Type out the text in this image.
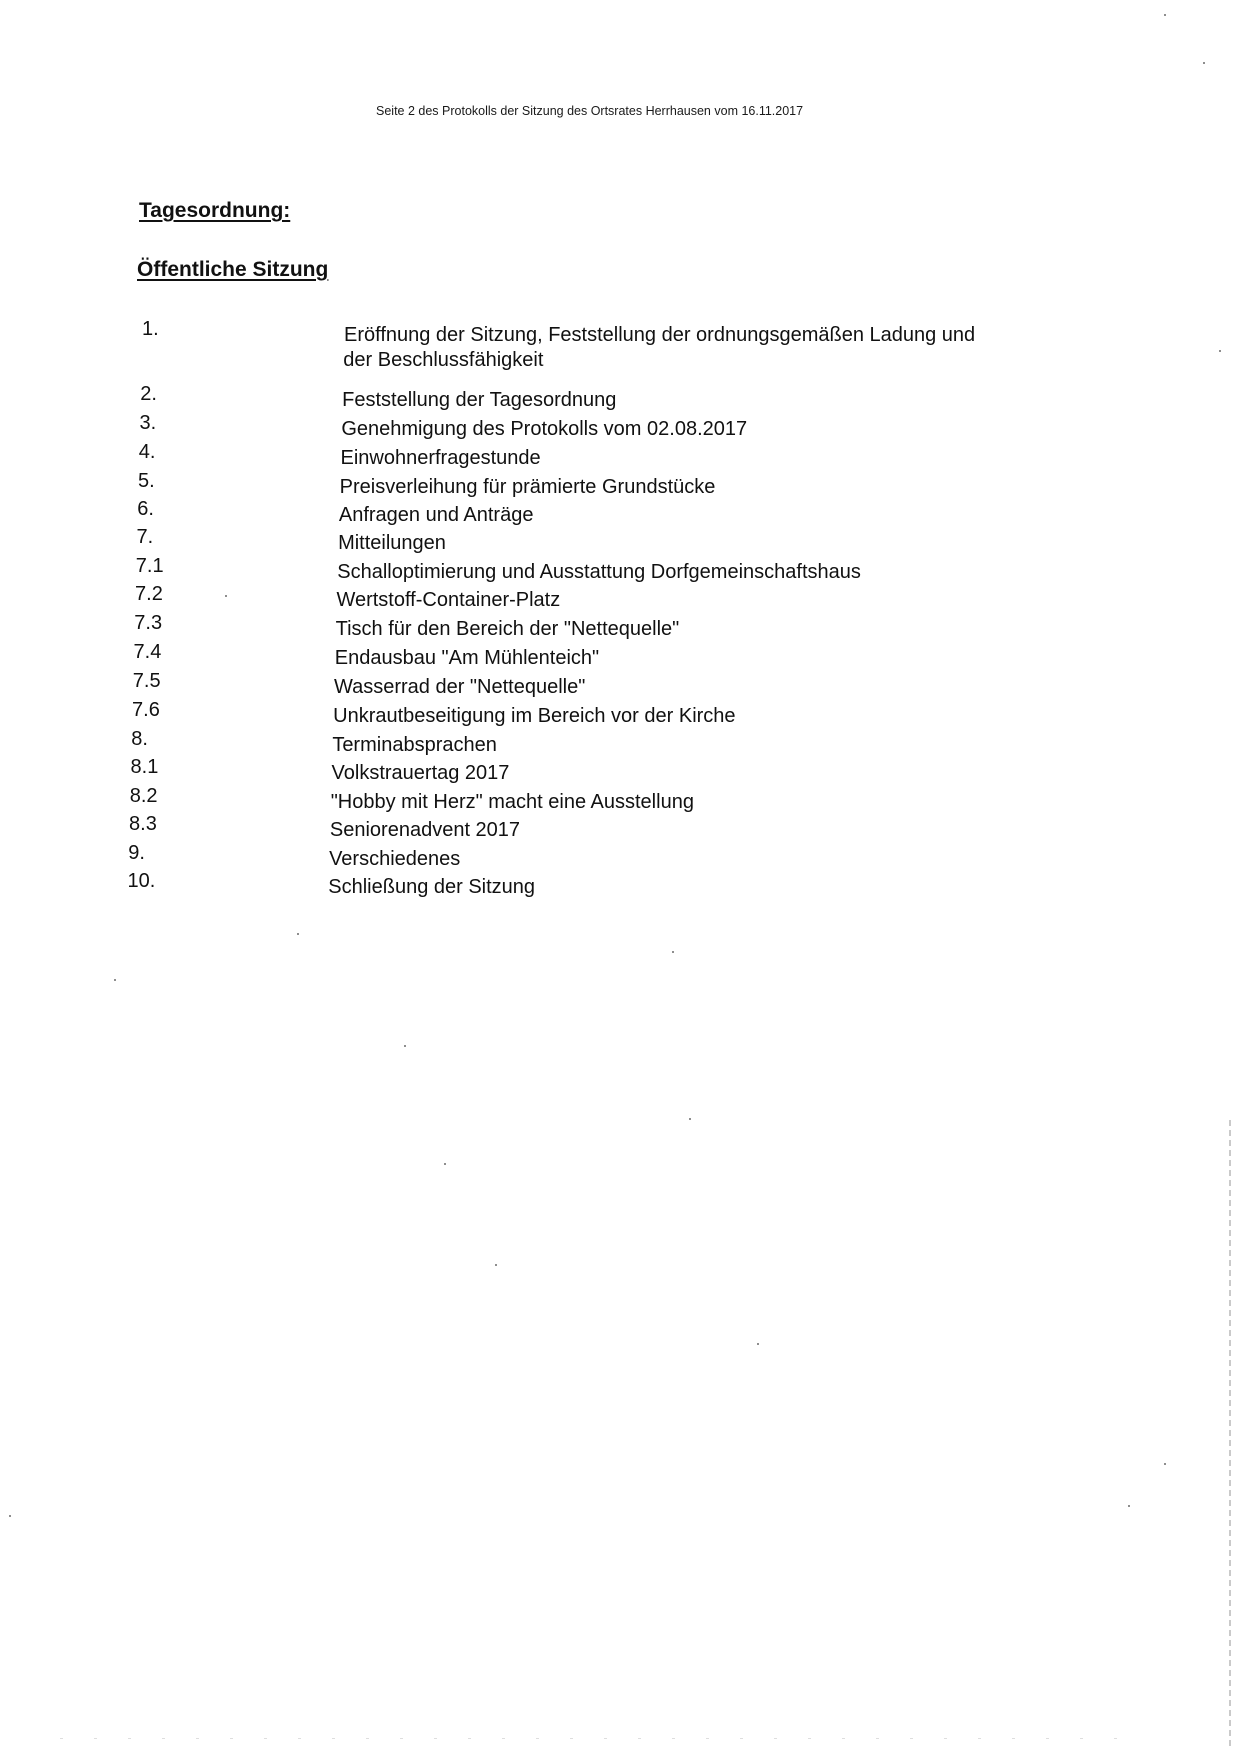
Seite 2 des Protokolls der Sitzung des Ortsrates Herrhausen vom 16.11.2017
Tagesordnung:
Öffentliche Sitzung
1.	Eröffnung der Sitzung, Feststellung der ordnungsgemäßen Ladung und
der Beschlussfähigkeit
2.	Feststellung der Tagesordnung
3.	Genehmigung des Protokolls vom 02.08.2017
4.	Einwohnerfragestunde
5.	Preisverleihung für prämierte Grundstücke
6.	Anfragen und Anträge
7.	Mitteilungen
7.1	Schalloptimierung und Ausstattung Dorfgemeinschaftshaus
7.2	Wertstoff-Container-Platz
7.3	Tisch für den Bereich der "Nettequelle"
7.4	Endausbau "Am Mühlenteich"
7.5	Wasserrad der "Nettequelle"
7.6	Unkrautbeseitigung im Bereich vor der Kirche
8.	Terminabsprachen
8.1	Volkstrauertag 2017
8.2	"Hobby mit Herz" macht eine Ausstellung
8.3	Seniorenadvent 2017
9.	Verschiedenes
10.	Schließung der Sitzung
